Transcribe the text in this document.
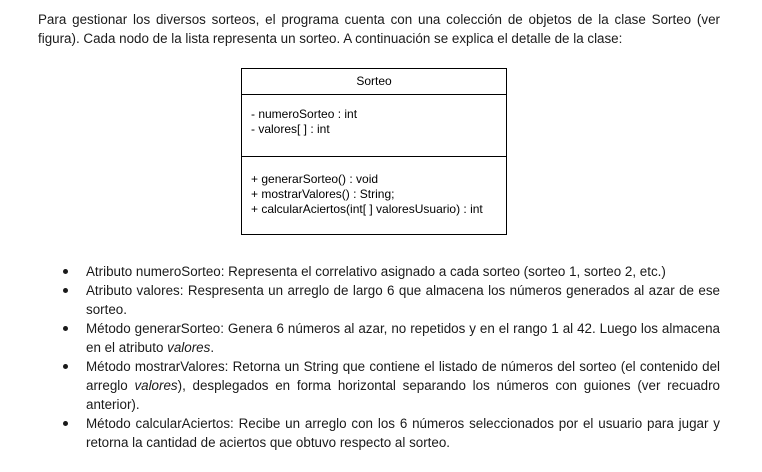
Para gestionar los diversos sorteos, el programa cuenta con una colección de objetos de la clase Sorteo (ver figura). Cada nodo de la lista representa un sorteo. A continuación se explica el detalle de la clase:

Sorteo
- numeroSorteo : int
- valores[ ] : int
+ generarSorteo() : void
+ mostrarValores() : String;
+ calcularAciertos(int[ ] valoresUsuario) : int
Atributo numeroSorteo: Representa el correlativo asignado a cada sorteo (sorteo 1, sorteo 2, etc.)
Atributo valores: Respresenta un arreglo de largo 6 que almacena los números generados al azar de ese sorteo.
Método generarSorteo: Genera 6 números al azar, no repetidos y en el rango 1 al 42. Luego los almacena en el atributo valores.
Método mostrarValores: Retorna un String que contiene el listado de números del sorteo (el contenido del arreglo valores), desplegados en forma horizontal separando los números con guiones (ver recuadro anterior).
Método calcularAciertos: Recibe un arreglo con los 6 números seleccionados por el usuario para jugar y retorna la cantidad de aciertos que obtuvo respecto al sorteo.
